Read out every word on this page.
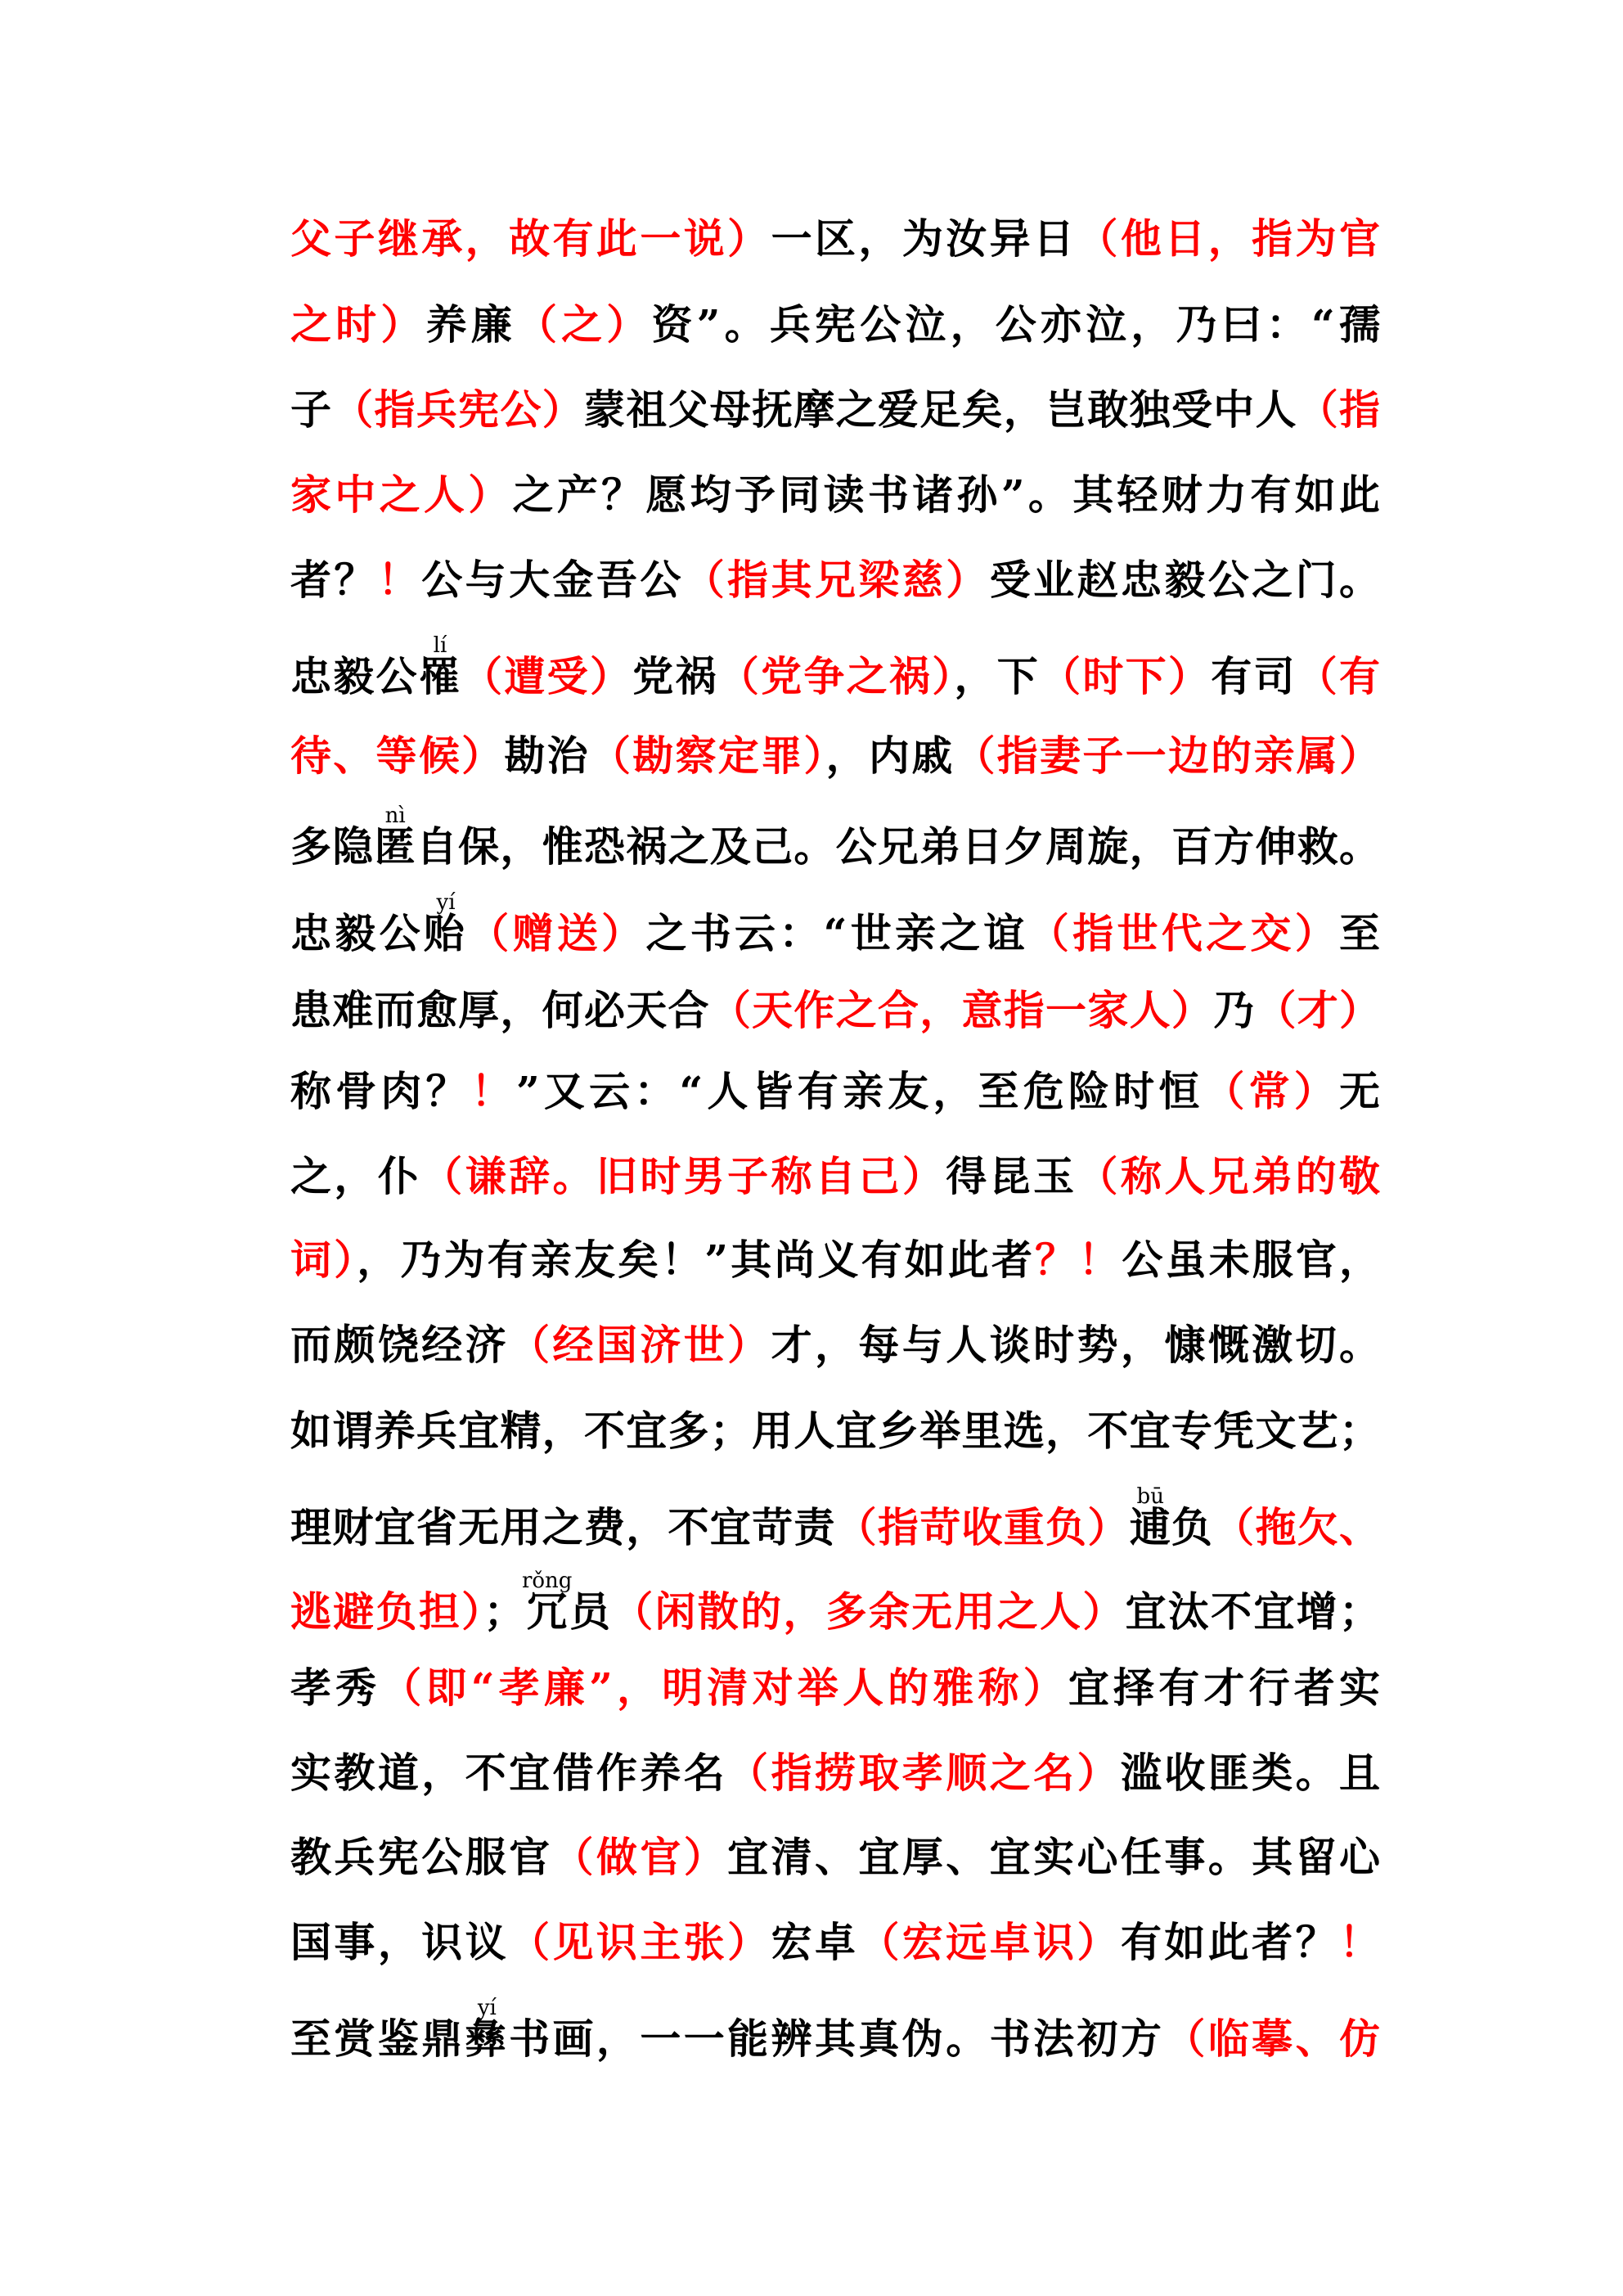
父子继承，故有此一说）一区，为汝异日（他日，指为官
之时）养廉（之）资”。兵宪公泣，公亦泣，乃曰：“孺
子（指兵宪公）蒙祖父母抚摩之爱足矣，岂敢独受中人（指
家中之人）之产？愿均予同读书诸孙”。其轻财力有如此
者？！公与大金吾公（指其兄梁慈）受业赵忠毅公之门。
忠毅公罹
lí
（遭受）党祸（党争之祸），下（时下）有司（有
待、等候）勘治（勘察定罪），内戚（指妻子一边的亲属）
多隐匿
nì
自保，惟恐祸之及己。公兄弟日夕周旋，百方伸救。
忠毅公贻
yí
（赠送）之书云：“世亲之谊（指世代之交）至
患难而愈厚，何必天合（天作之合，意指一家人）乃（才）
称骨肉？！”又云：“人皆有亲友，至危险时恒（常）无
之，仆（谦辞。旧时男子称自己）得昆玉（称人兄弟的敬
词），乃为有亲友矣！”其尚义有如此者？！公虽未服官，
而颇饶经济（经国济世）才，每与人谈时势，慷慨激切。
如谓养兵宜精，不宜多；用人宜乡举里选，不宜专凭文艺；
理财宜省无用之费，不宜苛责（指苛收重负）逋
bū
负（拖欠、
逃避负担）；冗
rǒng
员（闲散的，多余无用之人）宜汰不宜增；
孝秀（即“孝廉”，明清对举人的雅称）宜择有才行者实
实教道，不宜借作养名（指捞取孝顺之名）滥收匪类。且
教兵宪公服官（做官）宜清、宜厚、宜实心任事。其留心
国事，识议（见识主张）宏卓（宏远卓识）有如此者？！
至赏鉴鼎彝
yí
书画，一一能辨其真伪。书法初方（临摹、仿
